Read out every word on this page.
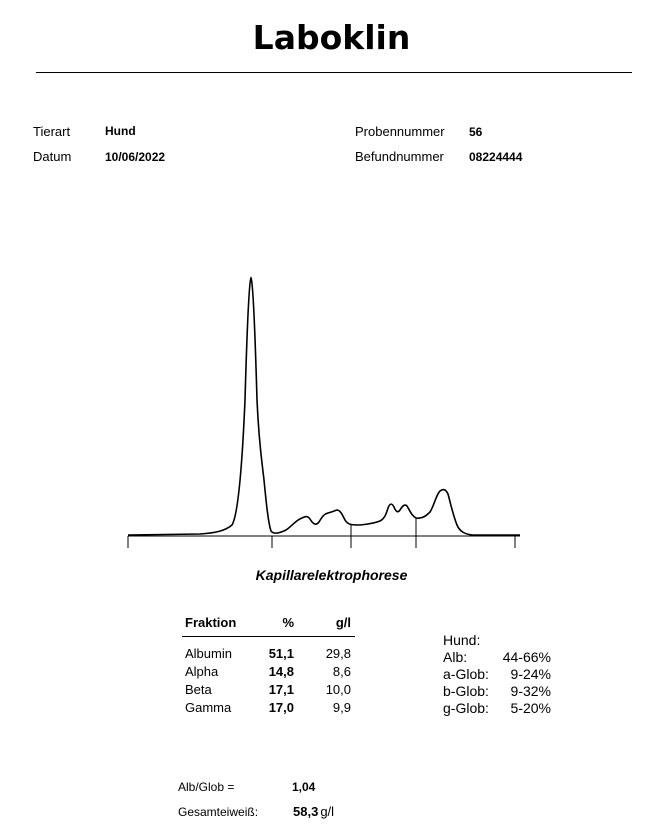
Laboklin
Tierart	Hund
Datum	10/06/2022
Probennummer 56
Befundnummer 08224444
Kapillarelektrophorese
Fraktion	%	g/l
Albumin	51,1	29,8
Alpha	14,8	8,6
Beta	17,1	10,0
Gamma	17,0	9,9
Hund:
Alb:	44-66%
a-Glob:	9-24%
b-Glob:	9-32%
g-Glob:	5-20%
Alb/Glob =	1,04
Gesamteiweiß:	58,3 g/l
